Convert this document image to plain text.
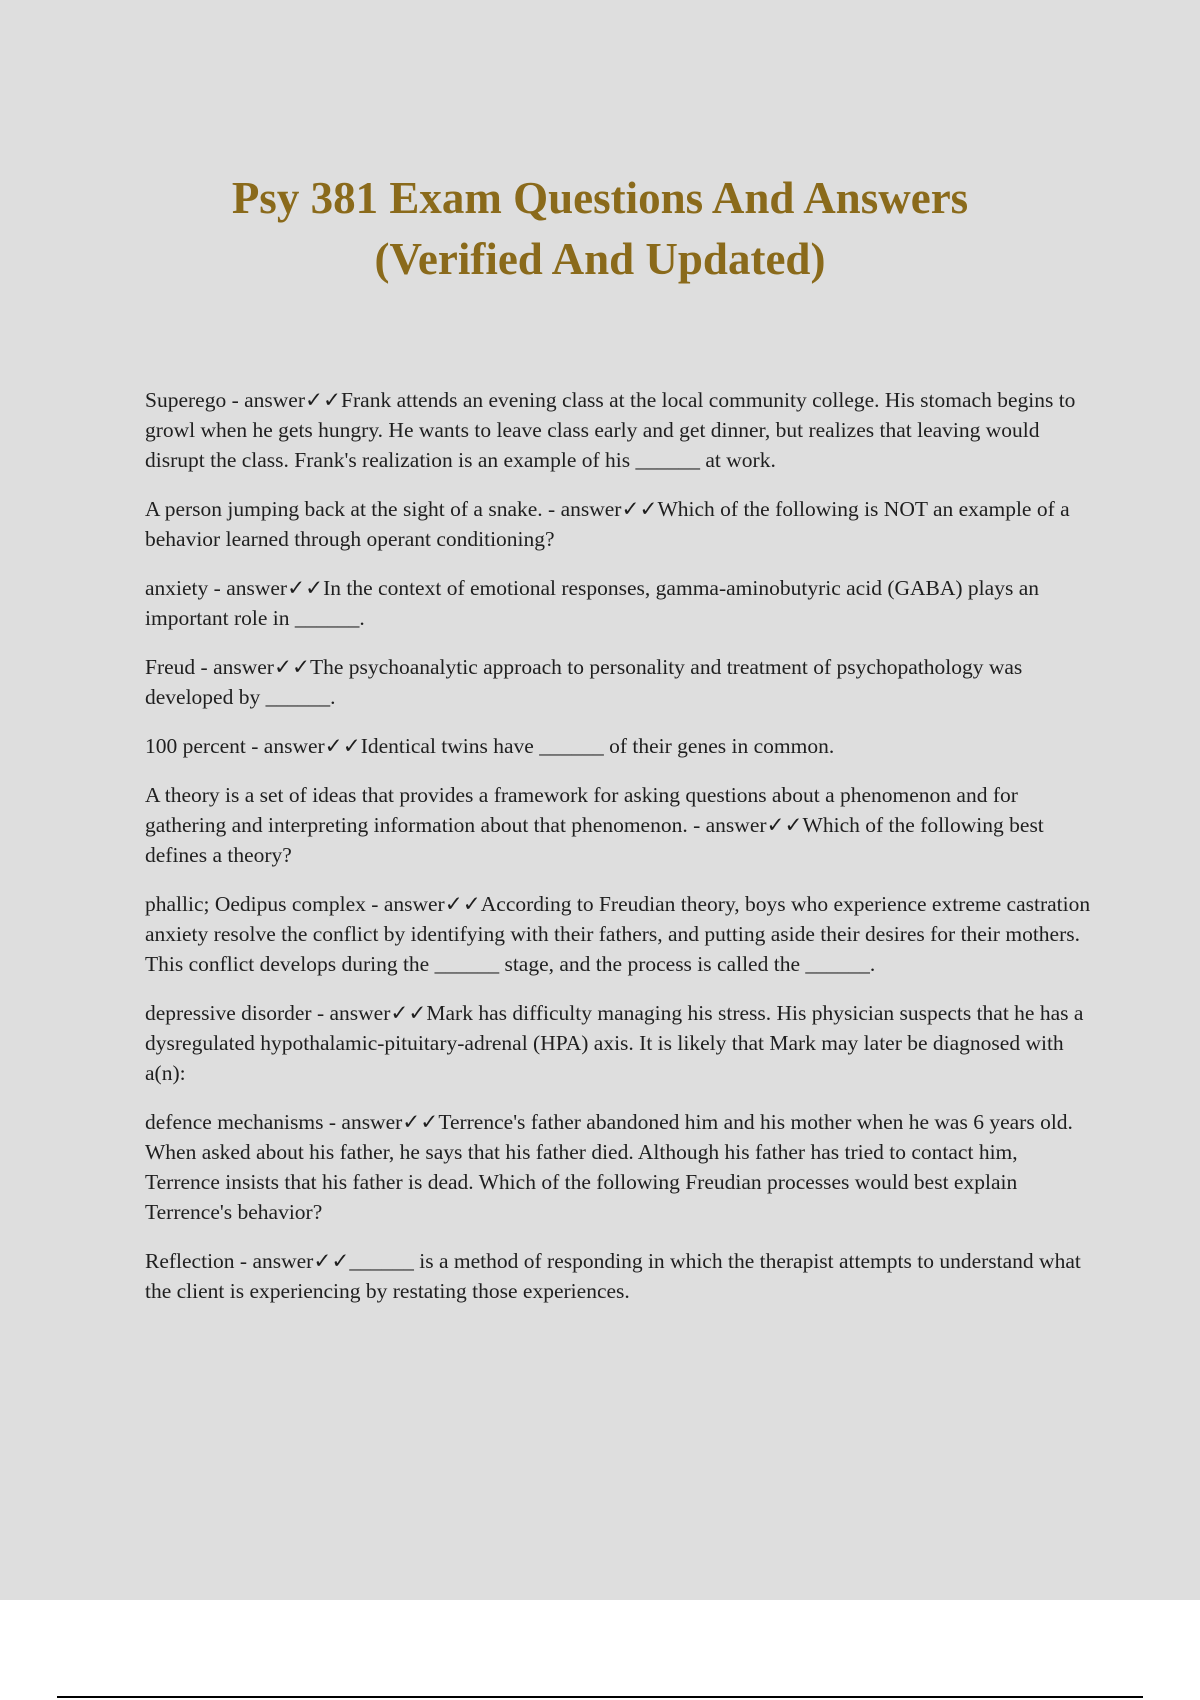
Psy 381 Exam Questions And Answers
(Verified And Updated)

Superego - answer✓✓Frank attends an evening class at the local community college. His stomach begins to growl when he gets hungry. He wants to leave class early and get dinner, but realizes that leaving would disrupt the class. Frank's realization is an example of his ______ at work.

A person jumping back at the sight of a snake. - answer✓✓Which of the following is NOT an example of a behavior learned through operant conditioning?

anxiety - answer✓✓In the context of emotional responses, gamma-aminobutyric acid (GABA) plays an important role in ______.

Freud - answer✓✓The psychoanalytic approach to personality and treatment of psychopathology was developed by ______.

100 percent - answer✓✓Identical twins have ______ of their genes in common.

A theory is a set of ideas that provides a framework for asking questions about a phenomenon and for gathering and interpreting information about that phenomenon. - answer✓✓Which of the following best defines a theory?

phallic; Oedipus complex - answer✓✓According to Freudian theory, boys who experience extreme castration anxiety resolve the conflict by identifying with their fathers, and putting aside their desires for their mothers. This conflict develops during the ______ stage, and the process is called the ______.

depressive disorder - answer✓✓Mark has difficulty managing his stress. His physician suspects that he has a dysregulated hypothalamic-pituitary-adrenal (HPA) axis. It is likely that Mark may later be diagnosed with a(n):

defence mechanisms - answer✓✓Terrence's father abandoned him and his mother when he was 6 years old. When asked about his father, he says that his father died. Although his father has tried to contact him, Terrence insists that his father is dead. Which of the following Freudian processes would best explain Terrence's behavior?

Reflection - answer✓✓______ is a method of responding in which the therapist attempts to understand what the client is experiencing by restating those experiences.
